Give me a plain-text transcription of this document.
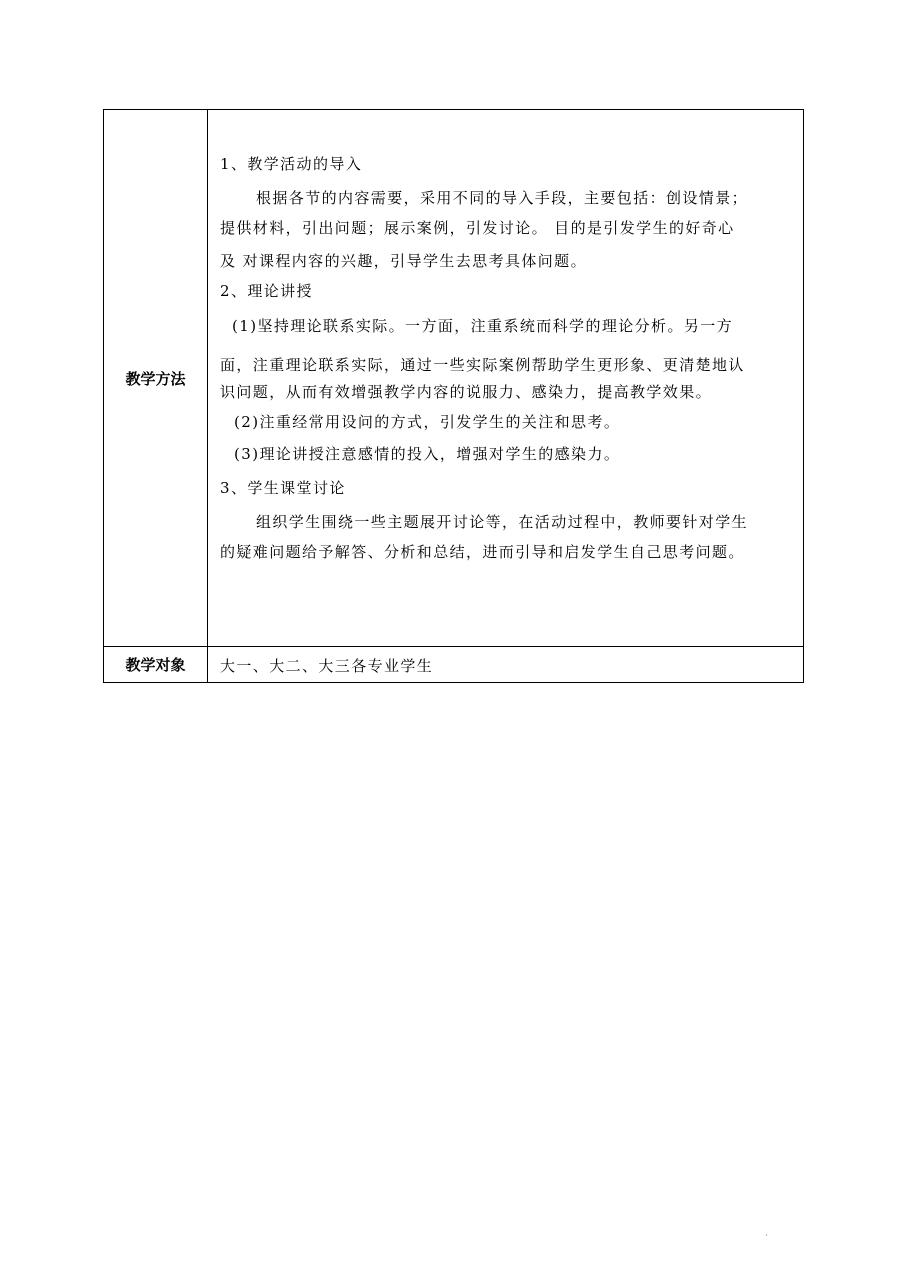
教学方法
1、教学活动的导入
根据各节的内容需要，采用不同的导入手段，主要包括：创设情景；
提供材料，引出问题；展示案例，引发讨论。 目的是引发学生的好奇心
及 对课程内容的兴趣，引导学生去思考具体问题。
2、理论讲授
(1)坚持理论联系实际。一方面，注重系统而科学的理论分析。另一方
面，注重理论联系实际，通过一些实际案例帮助学生更形象、更清楚地认
识问题，从而有效增强教学内容的说服力、感染力，提高教学效果。
(2)注重经常用设问的方式，引发学生的关注和思考。
(3)理论讲授注意感情的投入，增强对学生的感染力。
3、学生课堂讨论
组织学生围绕一些主题展开讨论等，在活动过程中，教师要针对学生
的疑难问题给予解答、分析和总结，进而引导和启发学生自己思考问题。
教学对象	大一、大二、大三各专业学生
'
